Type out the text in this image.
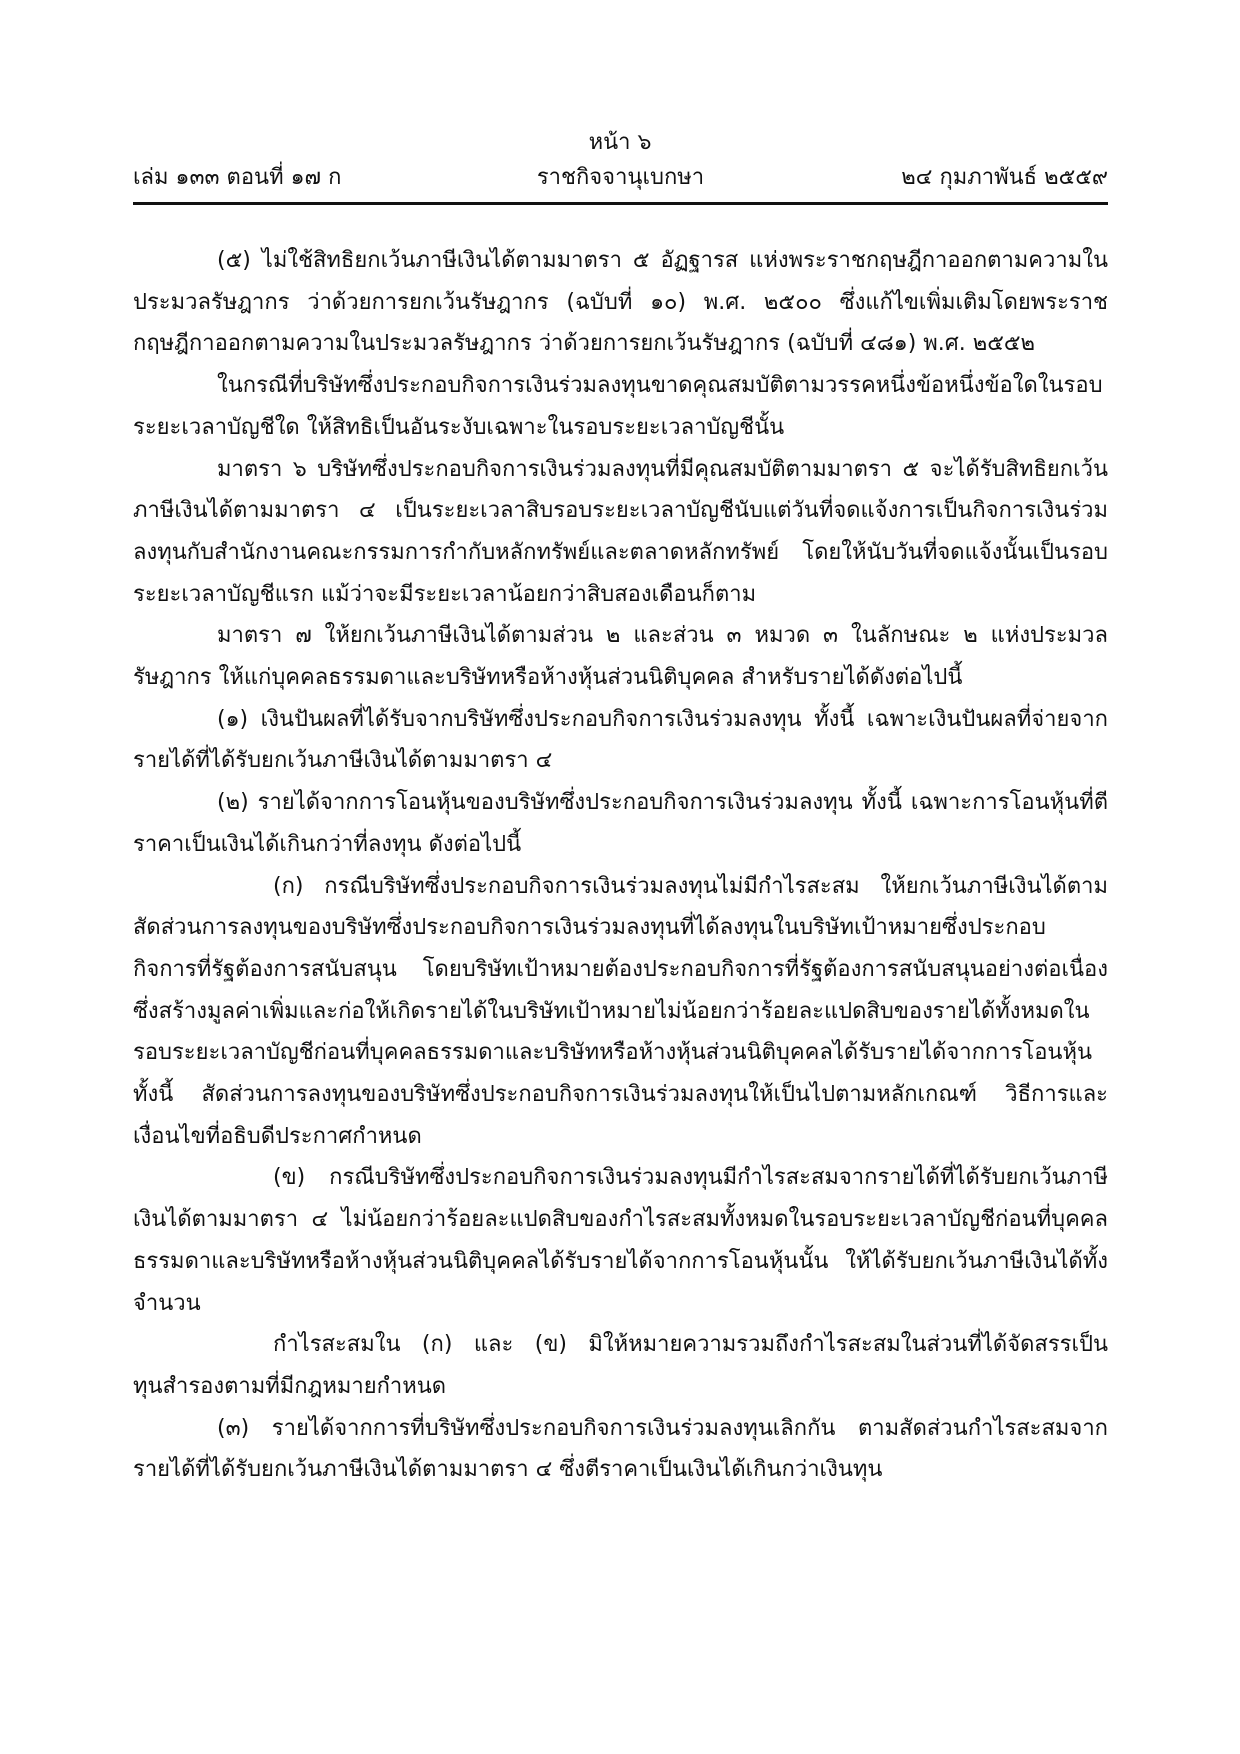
หน้า ๖
ราชกิจจานุเบกษา
เล่ม ๑๓๓ ตอนที่ ๑๗ ก	๒๔ กุมภาพันธ์ ๒๕๕๙

(๕) ไม่ใช้สิทธิยกเว้นภาษีเงินได้ตามมาตรา ๕ อัฏฐารส แห่งพระราชกฤษฎีกาออกตามความในประมวลรัษฎากร ว่าด้วยการยกเว้นรัษฎากร (ฉบับที่ ๑๐) พ.ศ. ๒๕๐๐ ซึ่งแก้ไขเพิ่มเติมโดยพระราชกฤษฎีกาออกตามความในประมวลรัษฎากร ว่าด้วยการยกเว้นรัษฎากร (ฉบับที่ ๔๘๑) พ.ศ. ๒๕๕๒

ในกรณีที่บริษัทซึ่งประกอบกิจการเงินร่วมลงทุนขาดคุณสมบัติตามวรรคหนึ่งข้อหนึ่งข้อใดในรอบระยะเวลาบัญชีใด ให้สิทธิเป็นอันระงับเฉพาะในรอบระยะเวลาบัญชีนั้น

มาตรา ๖ บริษัทซึ่งประกอบกิจการเงินร่วมลงทุนที่มีคุณสมบัติตามมาตรา ๕ จะได้รับสิทธิยกเว้นภาษีเงินได้ตามมาตรา ๔ เป็นระยะเวลาสิบรอบระยะเวลาบัญชีนับแต่วันที่จดแจ้งการเป็นกิจการเงินร่วมลงทุนกับสำนักงานคณะกรรมการกำกับหลักทรัพย์และตลาดหลักทรัพย์ โดยให้นับวันที่จดแจ้งนั้นเป็นรอบระยะเวลาบัญชีแรก แม้ว่าจะมีระยะเวลาน้อยกว่าสิบสองเดือนก็ตาม

มาตรา ๗ ให้ยกเว้นภาษีเงินได้ตามส่วน ๒ และส่วน ๓ หมวด ๓ ในลักษณะ ๒ แห่งประมวลรัษฎากร ให้แก่บุคคลธรรมดาและบริษัทหรือห้างหุ้นส่วนนิติบุคคล สำหรับรายได้ดังต่อไปนี้

(๑) เงินปันผลที่ได้รับจากบริษัทซึ่งประกอบกิจการเงินร่วมลงทุน ทั้งนี้ เฉพาะเงินปันผลที่จ่ายจากรายได้ที่ได้รับยกเว้นภาษีเงินได้ตามมาตรา ๔

(๒) รายได้จากการโอนหุ้นของบริษัทซึ่งประกอบกิจการเงินร่วมลงทุน ทั้งนี้ เฉพาะการโอนหุ้นที่ตีราคาเป็นเงินได้เกินกว่าที่ลงทุน ดังต่อไปนี้

(ก) กรณีบริษัทซึ่งประกอบกิจการเงินร่วมลงทุนไม่มีกำไรสะสม ให้ยกเว้นภาษีเงินได้ตามสัดส่วนการลงทุนของบริษัทซึ่งประกอบกิจการเงินร่วมลงทุนที่ได้ลงทุนในบริษัทเป้าหมายซึ่งประกอบกิจการที่รัฐต้องการสนับสนุน โดยบริษัทเป้าหมายต้องประกอบกิจการที่รัฐต้องการสนับสนุนอย่างต่อเนื่องซึ่งสร้างมูลค่าเพิ่มและก่อให้เกิดรายได้ในบริษัทเป้าหมายไม่น้อยกว่าร้อยละแปดสิบของรายได้ทั้งหมดในรอบระยะเวลาบัญชีก่อนที่บุคคลธรรมดาและบริษัทหรือห้างหุ้นส่วนนิติบุคคลได้รับรายได้จากการโอนหุ้น ทั้งนี้ สัดส่วนการลงทุนของบริษัทซึ่งประกอบกิจการเงินร่วมลงทุนให้เป็นไปตามหลักเกณฑ์ วิธีการและเงื่อนไขที่อธิบดีประกาศกำหนด

(ข) กรณีบริษัทซึ่งประกอบกิจการเงินร่วมลงทุนมีกำไรสะสมจากรายได้ที่ได้รับยกเว้นภาษีเงินได้ตามมาตรา ๔ ไม่น้อยกว่าร้อยละแปดสิบของกำไรสะสมทั้งหมดในรอบระยะเวลาบัญชีก่อนที่บุคคลธรรมดาและบริษัทหรือห้างหุ้นส่วนนิติบุคคลได้รับรายได้จากการโอนหุ้นนั้น ให้ได้รับยกเว้นภาษีเงินได้ทั้งจำนวน

กำไรสะสมใน (ก) และ (ข) มิให้หมายความรวมถึงกำไรสะสมในส่วนที่ได้จัดสรรเป็นทุนสำรองตามที่มีกฎหมายกำหนด

(๓) รายได้จากการที่บริษัทซึ่งประกอบกิจการเงินร่วมลงทุนเลิกกัน ตามสัดส่วนกำไรสะสมจากรายได้ที่ได้รับยกเว้นภาษีเงินได้ตามมาตรา ๔ ซึ่งตีราคาเป็นเงินได้เกินกว่าเงินทุน
